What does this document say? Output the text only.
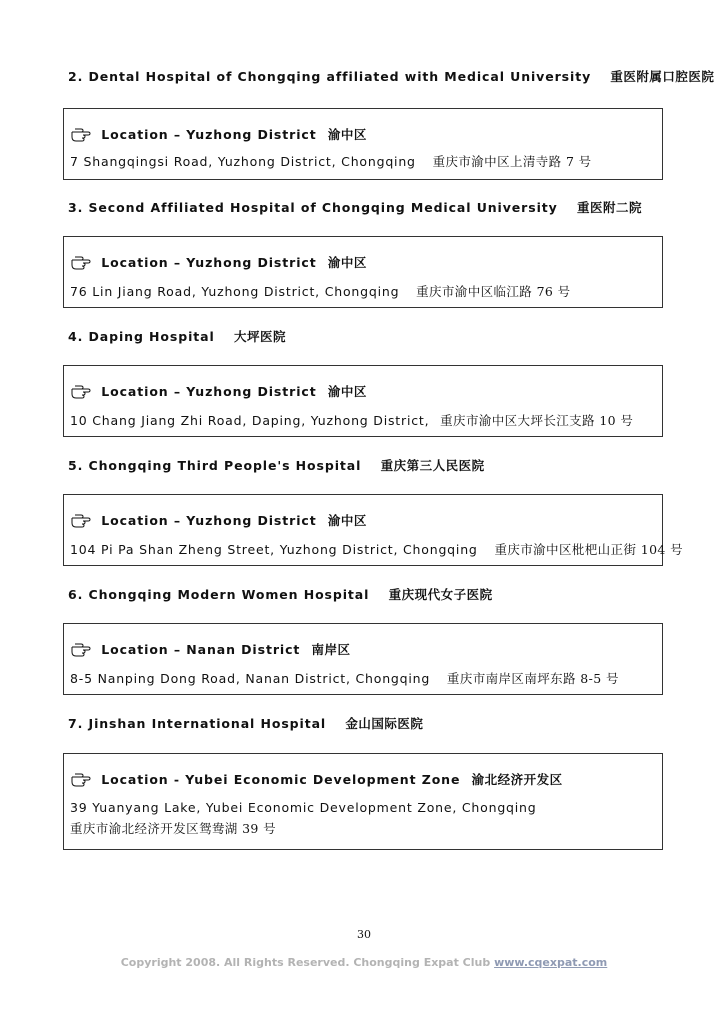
2. Dental Hospital of Chongqing affiliated with Medical University 重医附属口腔医院
Location – Yuzhong District 渝中区
7 Shangqingsi Road, Yuzhong District, Chongqing 重庆市渝中区上清寺路 7 号
3. Second Affiliated Hospital of Chongqing Medical University 重医附二院
Location – Yuzhong District 渝中区
76 Lin Jiang Road, Yuzhong District, Chongqing 重庆市渝中区临江路 76 号
4. Daping Hospital 大坪医院
Location – Yuzhong District 渝中区
10 Chang Jiang Zhi Road, Daping, Yuzhong District, 重庆市渝中区大坪长江支路 10 号
5. Chongqing Third People's Hospital 重庆第三人民医院
Location – Yuzhong District 渝中区
104 Pi Pa Shan Zheng Street, Yuzhong District, Chongqing 重庆市渝中区枇杷山正街 104 号
6. Chongqing Modern Women Hospital 重庆现代女子医院
Location – Nanan District 南岸区
8-5 Nanping Dong Road, Nanan District, Chongqing 重庆市南岸区南坪东路 8-5 号
7. Jinshan International Hospital 金山国际医院
Location - Yubei Economic Development Zone 渝北经济开发区
39 Yuanyang Lake, Yubei Economic Development Zone, Chongqing
重庆市渝北经济开发区鸳鸯湖 39 号
30
Copyright 2008. All Rights Reserved. Chongqing Expat Club www.cqexpat.com
